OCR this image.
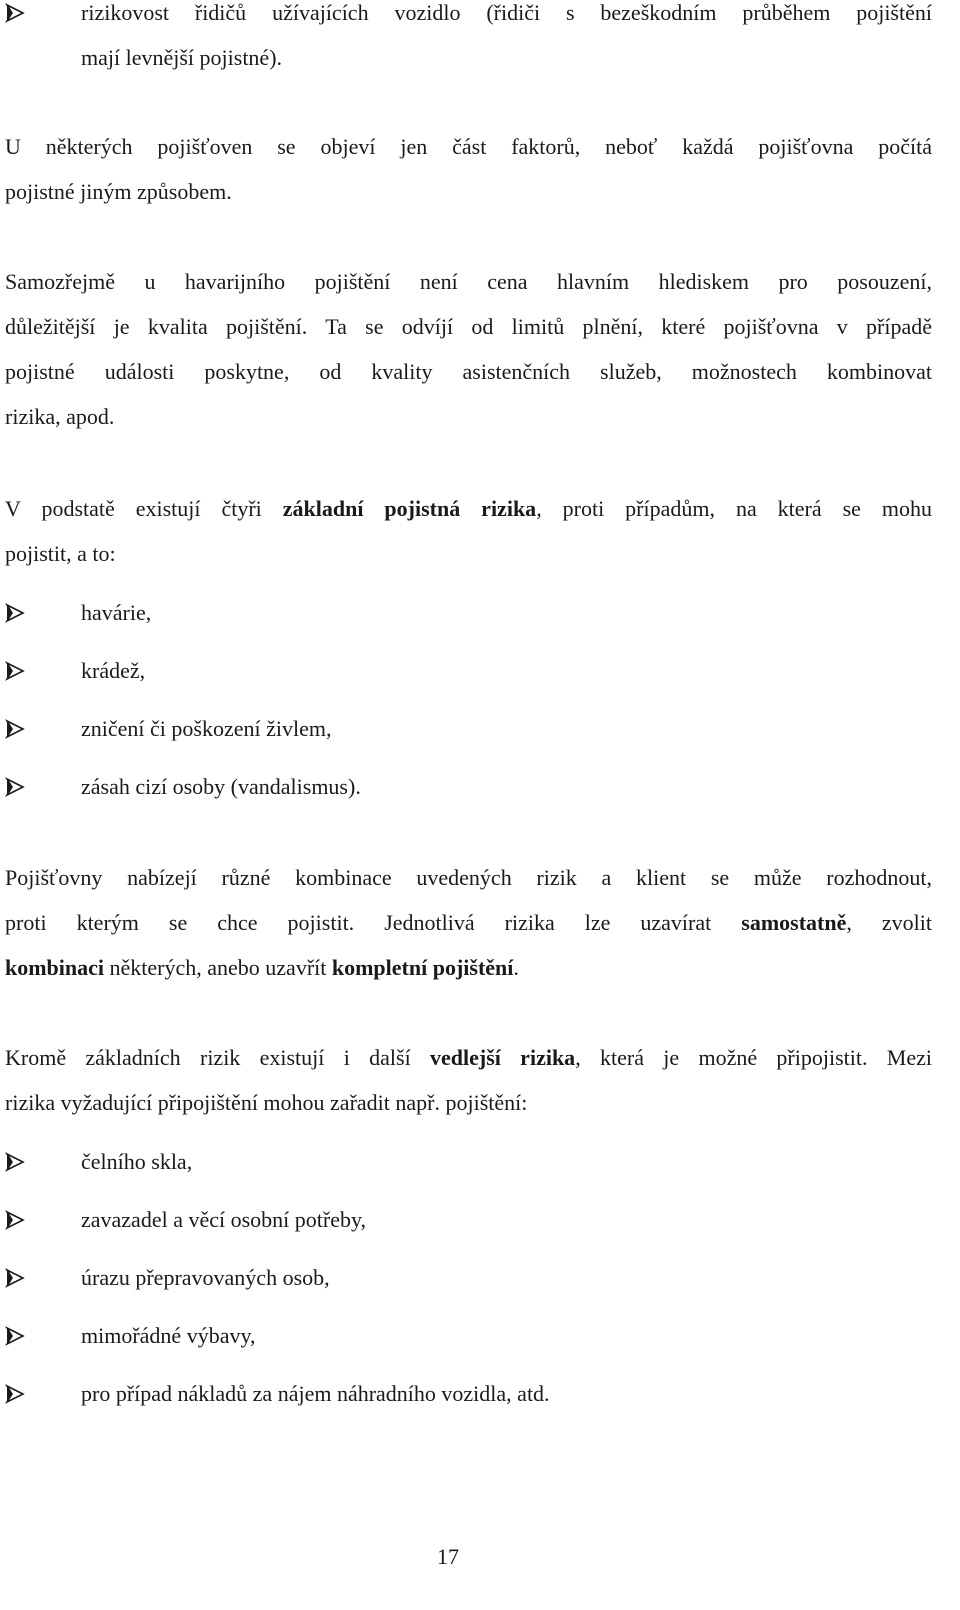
rizikovost řidičů užívajících vozidlo (řidiči s bezeškodním průběhem pojištění
mají levnější pojistné).
U některých pojišťoven se objeví jen část faktorů, neboť každá pojišťovna počítá
pojistné jiným způsobem.
Samozřejmě u havarijního pojištění není cena hlavním hlediskem pro posouzení,
důležitější je kvalita pojištění. Ta se odvíjí od limitů plnění, které pojišťovna v případě
pojistné události poskytne, od kvality asistenčních služeb, možnostech kombinovat
rizika, apod.
V podstatě existují čtyři základní pojistná rizika, proti případům, na která se mohu
pojistit, a to:
havárie,
krádež,
zničení či poškození živlem,
zásah cizí osoby (vandalismus).
Pojišťovny nabízejí různé kombinace uvedených rizik a klient se může rozhodnout,
proti kterým se chce pojistit. Jednotlivá rizika lze uzavírat samostatně, zvolit
kombinaci některých, anebo uzavřít kompletní pojištění.
Kromě základních rizik existují i další vedlejší rizika, která je možné připojistit. Mezi
rizika vyžadující připojištění mohou zařadit např. pojištění:
čelního skla,
zavazadel a věcí osobní potřeby,
úrazu přepravovaných osob,
mimořádné výbavy,
pro případ nákladů za nájem náhradního vozidla, atd.
17
